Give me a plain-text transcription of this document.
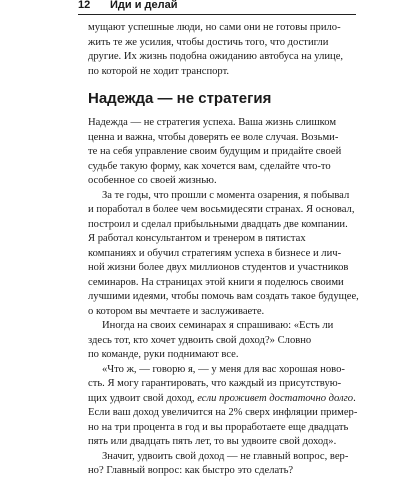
12 Иди и делай
мущают успешные люди, но сами они не готовы прило-
жить те же усилия, чтобы достичь того, что достигли
другие. Их жизнь подобна ожиданию автобуса на улице,
по которой не ходит транспорт.
Надежда — не стратегия
Надежда — не стратегия успеха. Ваша жизнь слишком
ценна и важна, чтобы доверять ее воле случая. Возьми-
те на себя управление своим будущим и придайте своей
судьбе такую форму, как хочется вам, сделайте что-то
особенное со своей жизнью.
За те годы, что прошли с момента озарения, я побывал
и поработал в более чем восьмидесяти странах. Я основал,
построил и сделал прибыльными двадцать две компании.
Я работал консультантом и тренером в пятистах
компаниях и обучил стратегиям успеха в бизнесе и лич-
ной жизни более двух миллионов студентов и участников
семинаров. На страницах этой книги я поделюсь своими
лучшими идеями, чтобы помочь вам создать такое будущее,
о котором вы мечтаете и заслуживаете.
Иногда на своих семинарах я спрашиваю: «Есть ли
здесь тот, кто хочет удвоить свой доход?» Словно
по команде, руки поднимают все.
«Что ж, — говорю я, — у меня для вас хорошая ново-
сть. Я могу гарантировать, что каждый из присутствую-
щих удвоит свой доход, если проживет достаточно долго.
Если ваш доход увеличится на 2% сверх инфляции пример-
но на три процента в год и вы проработаете еще двадцать
пять или двадцать пять лет, то вы удвоите свой доход».
Значит, удвоить свой доход — не главный вопрос, вер-
но? Главный вопрос: как быстро это сделать?
